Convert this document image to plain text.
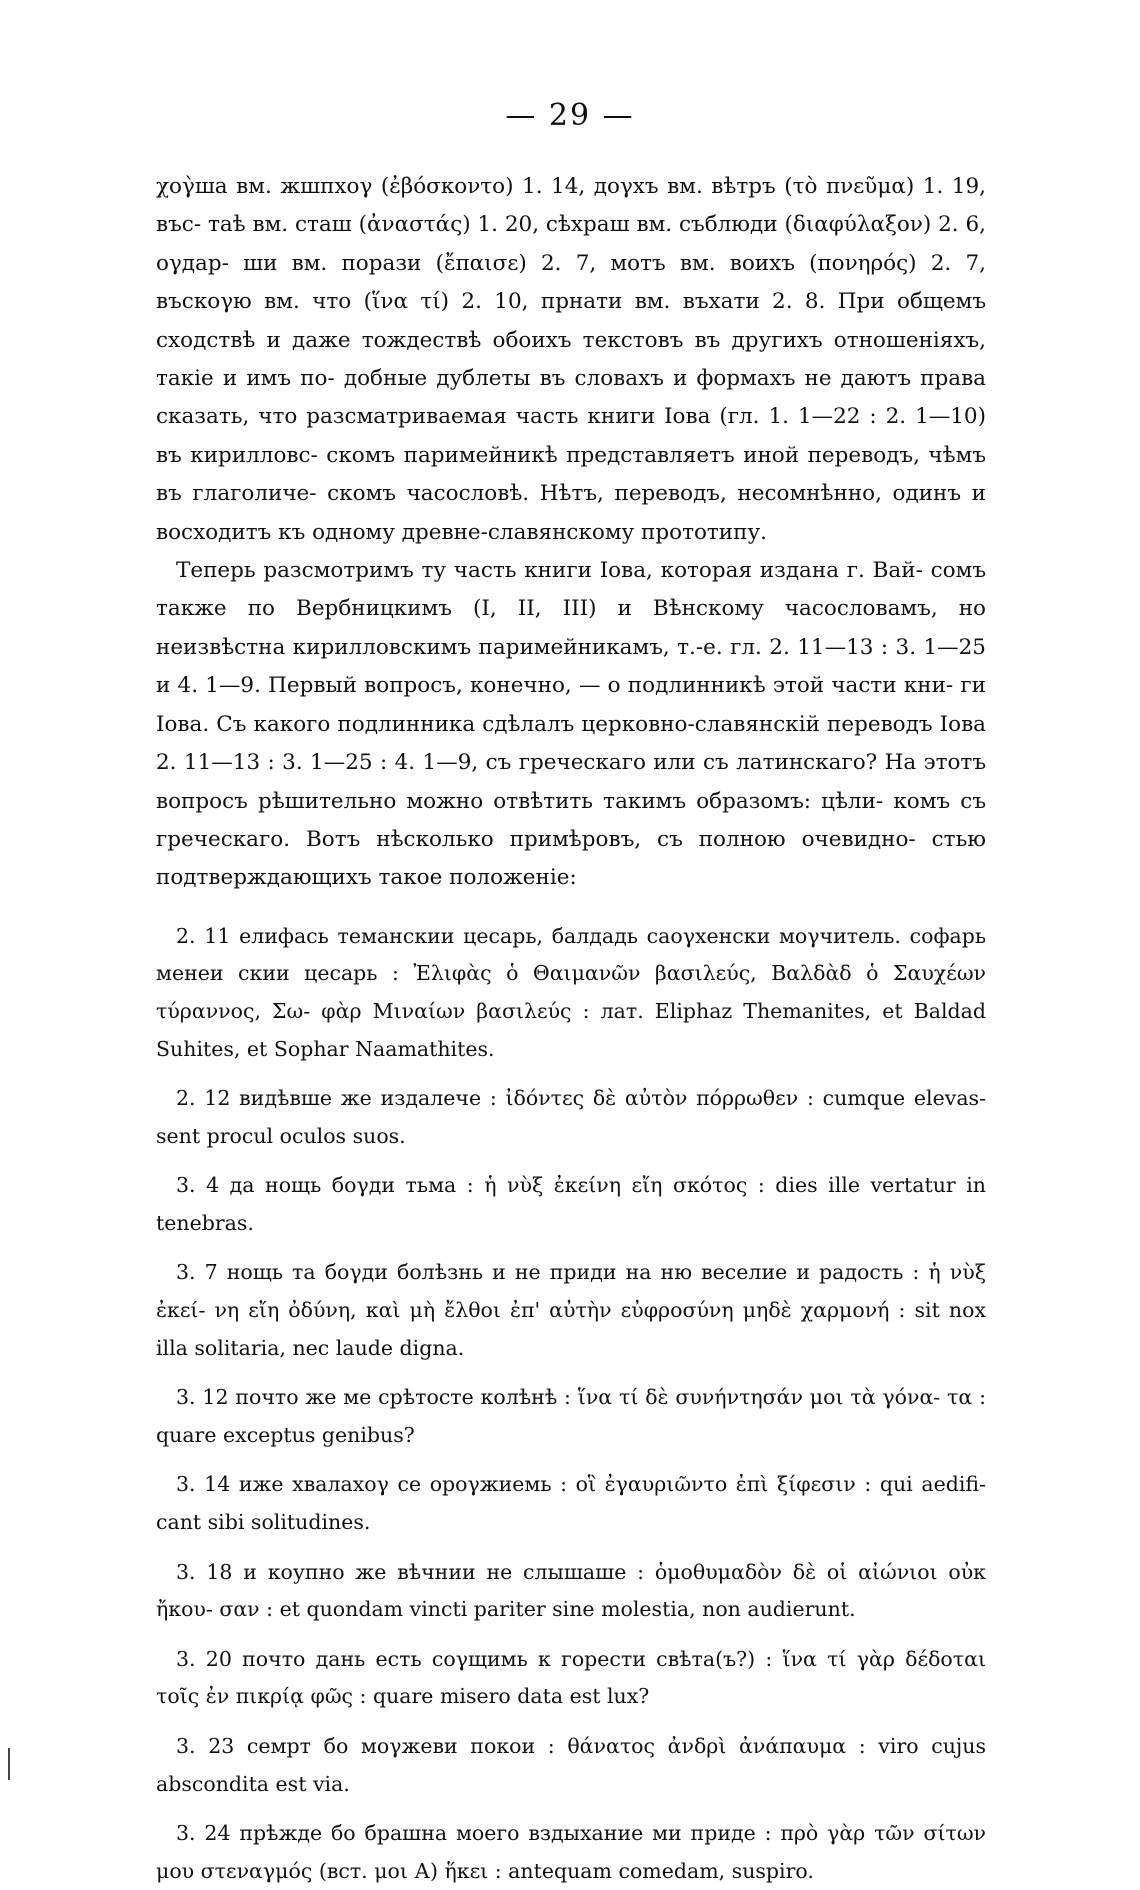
— 29 —

χογ̀ша вм. жшпхоγ (ἐβόσκοντο) 1. 14, доγхъ вм. вѣтръ (τὸ πνεῦμα) 1. 19, въс- таѣ вм. сташ (ἀναστάς) 1. 20, сѣхраш вм. съблюди (διαφύλαξον) 2. 6, оγдар- ши вм. порази (ἔπαισε) 2. 7, мотъ вм. воихъ (πονηρός) 2. 7, въскоγю вм. что (ἵνα τί) 2. 10, прнати вм. въхати 2. 8. При общемъ сходствѣ и даже тождествѣ обоихъ текстовъ въ другихъ отношеніяхъ, такіе и имъ по- добные дублеты въ словахъ и формахъ не даютъ права сказать, что разсматриваемая часть книги Іова (гл. 1. 1—22 : 2. 1—10) въ кирилловс- скомъ паримейникѣ представляетъ иной переводъ, чѣмъ въ глаголиче- скомъ часословѣ. Нѣтъ, переводъ, несомнѣнно, одинъ и восходитъ къ одному древне-славянскому прототипу.

Теперь разсмотримъ ту часть книги Іова, которая издана г. Вай- сомъ также по Вербницкимъ (I, II, III) и Вѣнскому часословамъ, но неизвѣстна кирилловскимъ паримейникамъ, т.-е. гл. 2. 11—13 : 3. 1—25 и 4. 1—9. Первый вопросъ, конечно, — о подлинникѣ этой части кни- ги Іова. Съ какого подлинника сдѣлалъ церковно-славянскій переводъ Іова 2. 11—13 : 3. 1—25 : 4. 1—9, съ греческаго или съ латинскаго? На этотъ вопросъ рѣшительно можно отвѣтить такимъ образомъ: цѣли- комъ съ греческаго. Вотъ нѣсколько примѣровъ, съ полною очевидно- стью подтверждающихъ такое положеніе:

2. 11 елифась теманскии цесарь, балдадь саоγхенски моγчитель. софарь менеи скии цесарь : Ἐλιφὰς ὁ Θαιμανῶν βασιλεύς, Βαλδὰδ ὁ Σαυχέων τύραννος, Σω- φὰρ Μιναίων βασιλεύς : лат. Eliphaz Themanites, et Baldad Suhites, et Sophar Naamathites.

2. 12 видѣвше же издалече : ἰδόντες δὲ αὐτὸν πόρρωθεν : cumque elevas- sent procul oculos suos.

3. 4 да нощь боγди тьма : ἡ νὺξ ἐκείνη εἴη σκότος : dies ille vertatur in tenebras.

3. 7 нощь та боγди болѣзнь и не приди на ню веселие и радость : ἡ νὺξ ἐκεί- νη εἴη ὀδύνη, καὶ μὴ ἔλθοι ἐπ' αὐτὴν εὐφροσύνη μηδὲ χαρμονή : sit nox illa solitaria, nec laude digna.

3. 12 почто же ме срѣтосте колѣнѣ : ἵνα τί δὲ συνήντησάν μοι τὰ γόνα- τα : quare exceptus genibus?

3. 14 иже хвалахоγ се ороγжиемь : οἳ ἐγαυριῶντο ἐπὶ ξίφεσιν : qui aedifi- cant sibi solitudines.

3. 18 и коупно же вѣчнии не слышаше : ὁμοθυμαδὸν δὲ οἱ αἰώνιοι οὐκ ἤκου- σαν : et quondam vincti pariter sine molestia, non audierunt.

3. 20 почто дань есть соγщимь к горести свѣта(ъ?) : ἵνα τί γὰρ δέδοται τοῖς ἐν πικρίᾳ φῶς : quare misero data est lux?

3. 23 семрт бо моγжеви покои : θάνατος ἀνδρὶ ἀνάπαυμα : viro cujus absconditа est via.

3. 24 прѣжде бо брашна моего вздыхание ми приде : πρὸ γὰρ τῶν σίτων μου στεναγμός (вст. μοι А) ἥκει : antequam comedam, suspiro.
